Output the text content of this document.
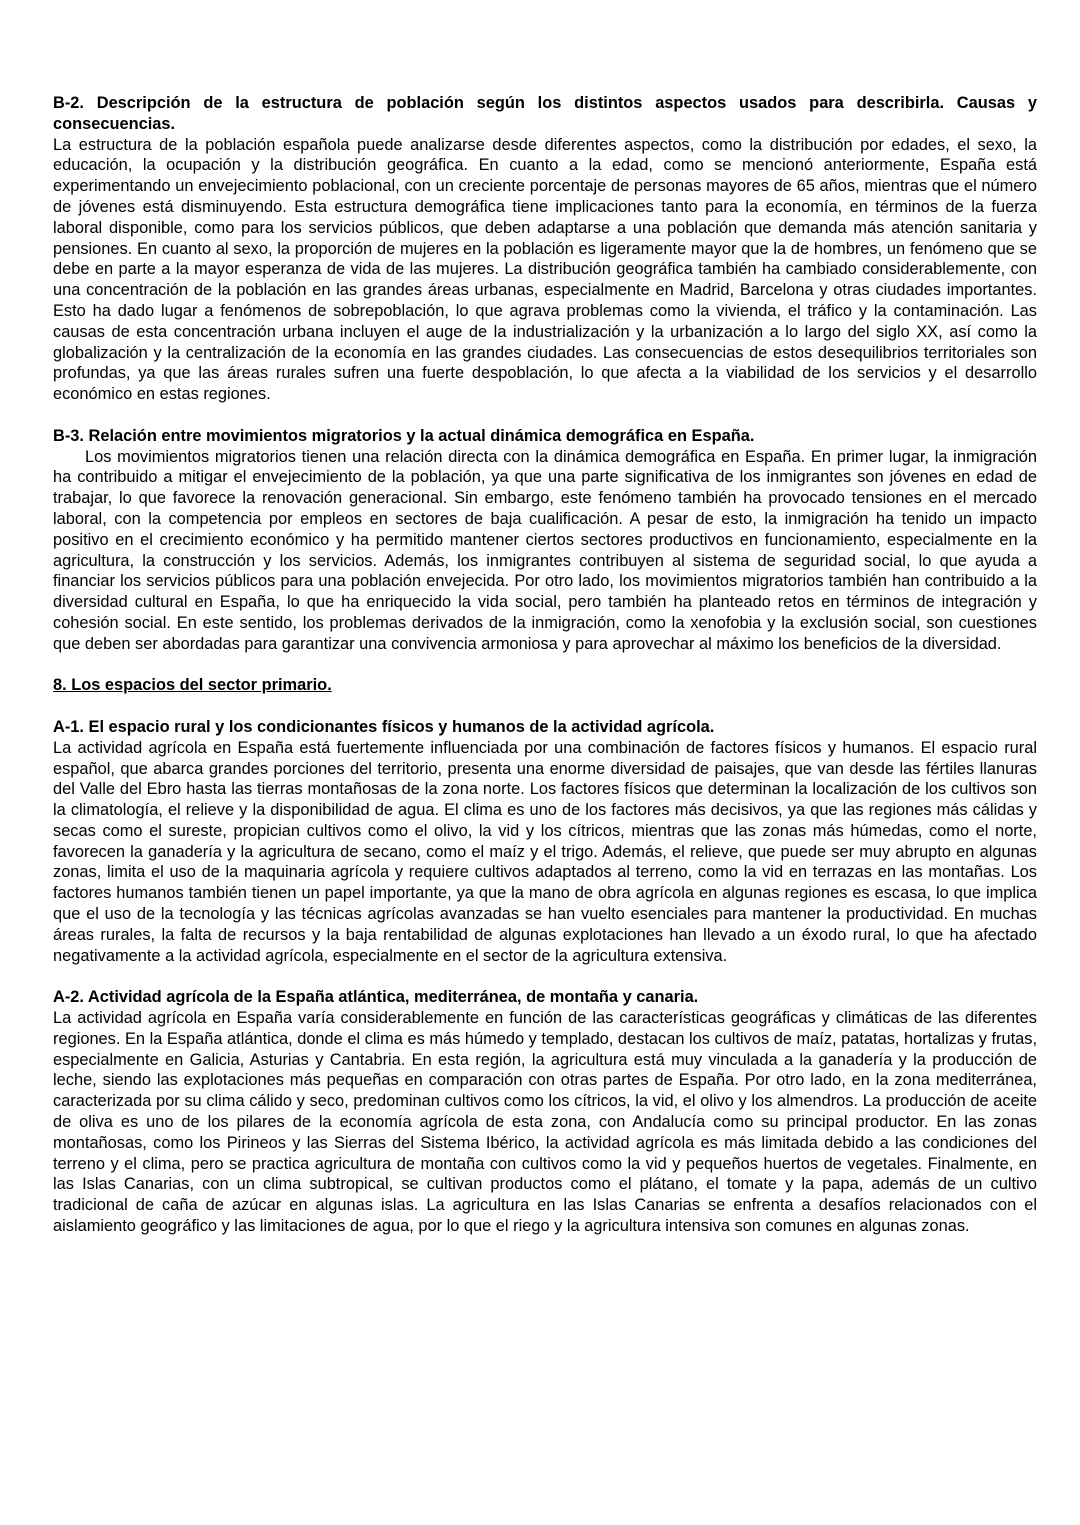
B-2. Descripción de la estructura de población según los distintos aspectos usados para describirla. Causas y consecuencias.

La estructura de la población española puede analizarse desde diferentes aspectos, como la distribución por edades, el sexo, la educación, la ocupación y la distribución geográfica. En cuanto a la edad, como se mencionó anteriormente, España está experimentando un envejecimiento poblacional, con un creciente porcentaje de personas mayores de 65 años, mientras que el número de jóvenes está disminuyendo. Esta estructura demográfica tiene implicaciones tanto para la economía, en términos de la fuerza laboral disponible, como para los servicios públicos, que deben adaptarse a una población que demanda más atención sanitaria y pensiones. En cuanto al sexo, la proporción de mujeres en la población es ligeramente mayor que la de hombres, un fenómeno que se debe en parte a la mayor esperanza de vida de las mujeres. La distribución geográfica también ha cambiado considerablemente, con una concentración de la población en las grandes áreas urbanas, especialmente en Madrid, Barcelona y otras ciudades importantes. Esto ha dado lugar a fenómenos de sobrepoblación, lo que agrava problemas como la vivienda, el tráfico y la contaminación. Las causas de esta concentración urbana incluyen el auge de la industrialización y la urbanización a lo largo del siglo XX, así como la globalización y la centralización de la economía en las grandes ciudades. Las consecuencias de estos desequilibrios territoriales son profundas, ya que las áreas rurales sufren una fuerte despoblación, lo que afecta a la viabilidad de los servicios y el desarrollo económico en estas regiones.

B-3. Relación entre movimientos migratorios y la actual dinámica demográfica en España.

Los movimientos migratorios tienen una relación directa con la dinámica demográfica en España. En primer lugar, la inmigración ha contribuido a mitigar el envejecimiento de la población, ya que una parte significativa de los inmigrantes son jóvenes en edad de trabajar, lo que favorece la renovación generacional. Sin embargo, este fenómeno también ha provocado tensiones en el mercado laboral, con la competencia por empleos en sectores de baja cualificación. A pesar de esto, la inmigración ha tenido un impacto positivo en el crecimiento económico y ha permitido mantener ciertos sectores productivos en funcionamiento, especialmente en la agricultura, la construcción y los servicios. Además, los inmigrantes contribuyen al sistema de seguridad social, lo que ayuda a financiar los servicios públicos para una población envejecida. Por otro lado, los movimientos migratorios también han contribuido a la diversidad cultural en España, lo que ha enriquecido la vida social, pero también ha planteado retos en términos de integración y cohesión social. En este sentido, los problemas derivados de la inmigración, como la xenofobia y la exclusión social, son cuestiones que deben ser abordadas para garantizar una convivencia armoniosa y para aprovechar al máximo los beneficios de la diversidad.

8. Los espacios del sector primario.

A-1. El espacio rural y los condicionantes físicos y humanos de la actividad agrícola.

La actividad agrícola en España está fuertemente influenciada por una combinación de factores físicos y humanos. El espacio rural español, que abarca grandes porciones del territorio, presenta una enorme diversidad de paisajes, que van desde las fértiles llanuras del Valle del Ebro hasta las tierras montañosas de la zona norte. Los factores físicos que determinan la localización de los cultivos son la climatología, el relieve y la disponibilidad de agua. El clima es uno de los factores más decisivos, ya que las regiones más cálidas y secas como el sureste, propician cultivos como el olivo, la vid y los cítricos, mientras que las zonas más húmedas, como el norte, favorecen la ganadería y la agricultura de secano, como el maíz y el trigo. Además, el relieve, que puede ser muy abrupto en algunas zonas, limita el uso de la maquinaria agrícola y requiere cultivos adaptados al terreno, como la vid en terrazas en las montañas. Los factores humanos también tienen un papel importante, ya que la mano de obra agrícola en algunas regiones es escasa, lo que implica que el uso de la tecnología y las técnicas agrícolas avanzadas se han vuelto esenciales para mantener la productividad. En muchas áreas rurales, la falta de recursos y la baja rentabilidad de algunas explotaciones han llevado a un éxodo rural, lo que ha afectado negativamente a la actividad agrícola, especialmente en el sector de la agricultura extensiva.

A-2. Actividad agrícola de la España atlántica, mediterránea, de montaña y canaria.

La actividad agrícola en España varía considerablemente en función de las características geográficas y climáticas de las diferentes regiones. En la España atlántica, donde el clima es más húmedo y templado, destacan los cultivos de maíz, patatas, hortalizas y frutas, especialmente en Galicia, Asturias y Cantabria. En esta región, la agricultura está muy vinculada a la ganadería y la producción de leche, siendo las explotaciones más pequeñas en comparación con otras partes de España. Por otro lado, en la zona mediterránea, caracterizada por su clima cálido y seco, predominan cultivos como los cítricos, la vid, el olivo y los almendros. La producción de aceite de oliva es uno de los pilares de la economía agrícola de esta zona, con Andalucía como su principal productor. En las zonas montañosas, como los Pirineos y las Sierras del Sistema Ibérico, la actividad agrícola es más limitada debido a las condiciones del terreno y el clima, pero se practica agricultura de montaña con cultivos como la vid y pequeños huertos de vegetales. Finalmente, en las Islas Canarias, con un clima subtropical, se cultivan productos como el plátano, el tomate y la papa, además de un cultivo tradicional de caña de azúcar en algunas islas. La agricultura en las Islas Canarias se enfrenta a desafíos relacionados con el aislamiento geográfico y las limitaciones de agua, por lo que el riego y la agricultura intensiva son comunes en algunas zonas.
